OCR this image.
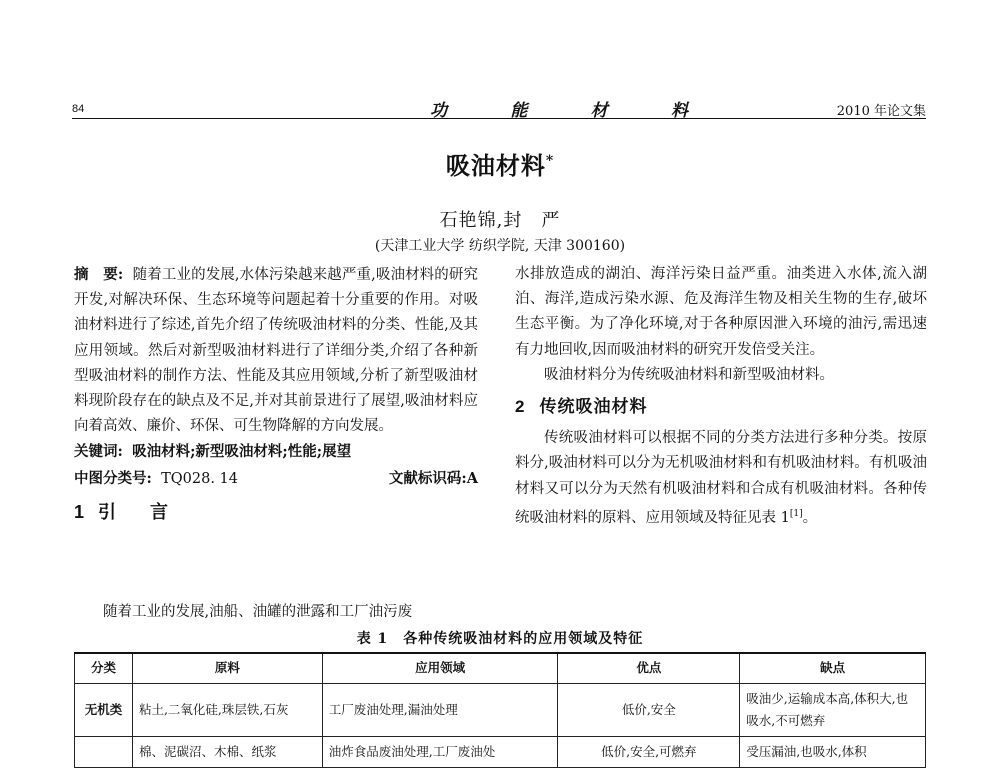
84	功	能	材	料	2010 年论文集
吸油材料*
石艳锦,封　严
(天津工业大学 纺织学院, 天津 300160)

摘　要: 随着工业的发展,水体污染越来越严重,吸油材料的研究开发,对解决环保、生态环境等问题起着十分重要的作用。对吸油材料进行了综述,首先介绍了传统吸油材料的分类、性能,及其应用领域。然后对新型吸油材料进行了详细分类,介绍了各种新型吸油材料的制作方法、性能及其应用领域,分析了新型吸油材料现阶段存在的缺点及不足,并对其前景进行了展望,吸油材料应向着高效、廉价、环保、可生物降解的方向发展。

关键词: 吸油材料;新型吸油材料;性能;展望

中图分类号: TQ028. 14	文献标识码:A

1 引　言

随着工业的发展,油船、油罐的泄露和工厂油污废

水排放造成的湖泊、海洋污染日益严重。油类进入水体,流入湖泊、海洋,造成污染水源、危及海洋生物及相关生物的生存,破坏生态平衡。为了净化环境,对于各种原因泄入环境的油污,需迅速有力地回收,因而吸油材料的研究开发倍受关注。

吸油材料分为传统吸油材料和新型吸油材料。

2 传统吸油材料

传统吸油材料可以根据不同的分类方法进行多种分类。按原料分,吸油材料可以分为无机吸油材料和有机吸油材料。有机吸油材料又可以分为天然有机吸油材料和合成有机吸油材料。各种传统吸油材料的原料、应用领域及特征见表 1[1]。

表 1　各种传统吸油材料的应用领域及特征
分类	原料	应用领域	优点	缺点
无机类	粘土,二氧化硅,珠层铁,石灰	工厂废油处理,漏油处理	低价,安全	吸油少,运输成本高,体积大,也吸水,不可燃弃
	棉、泥碳沼、木棉、纸浆	油炸食品废油处理,工厂废油处	低价,安全,可燃弃	受压漏油,也吸水,体积
